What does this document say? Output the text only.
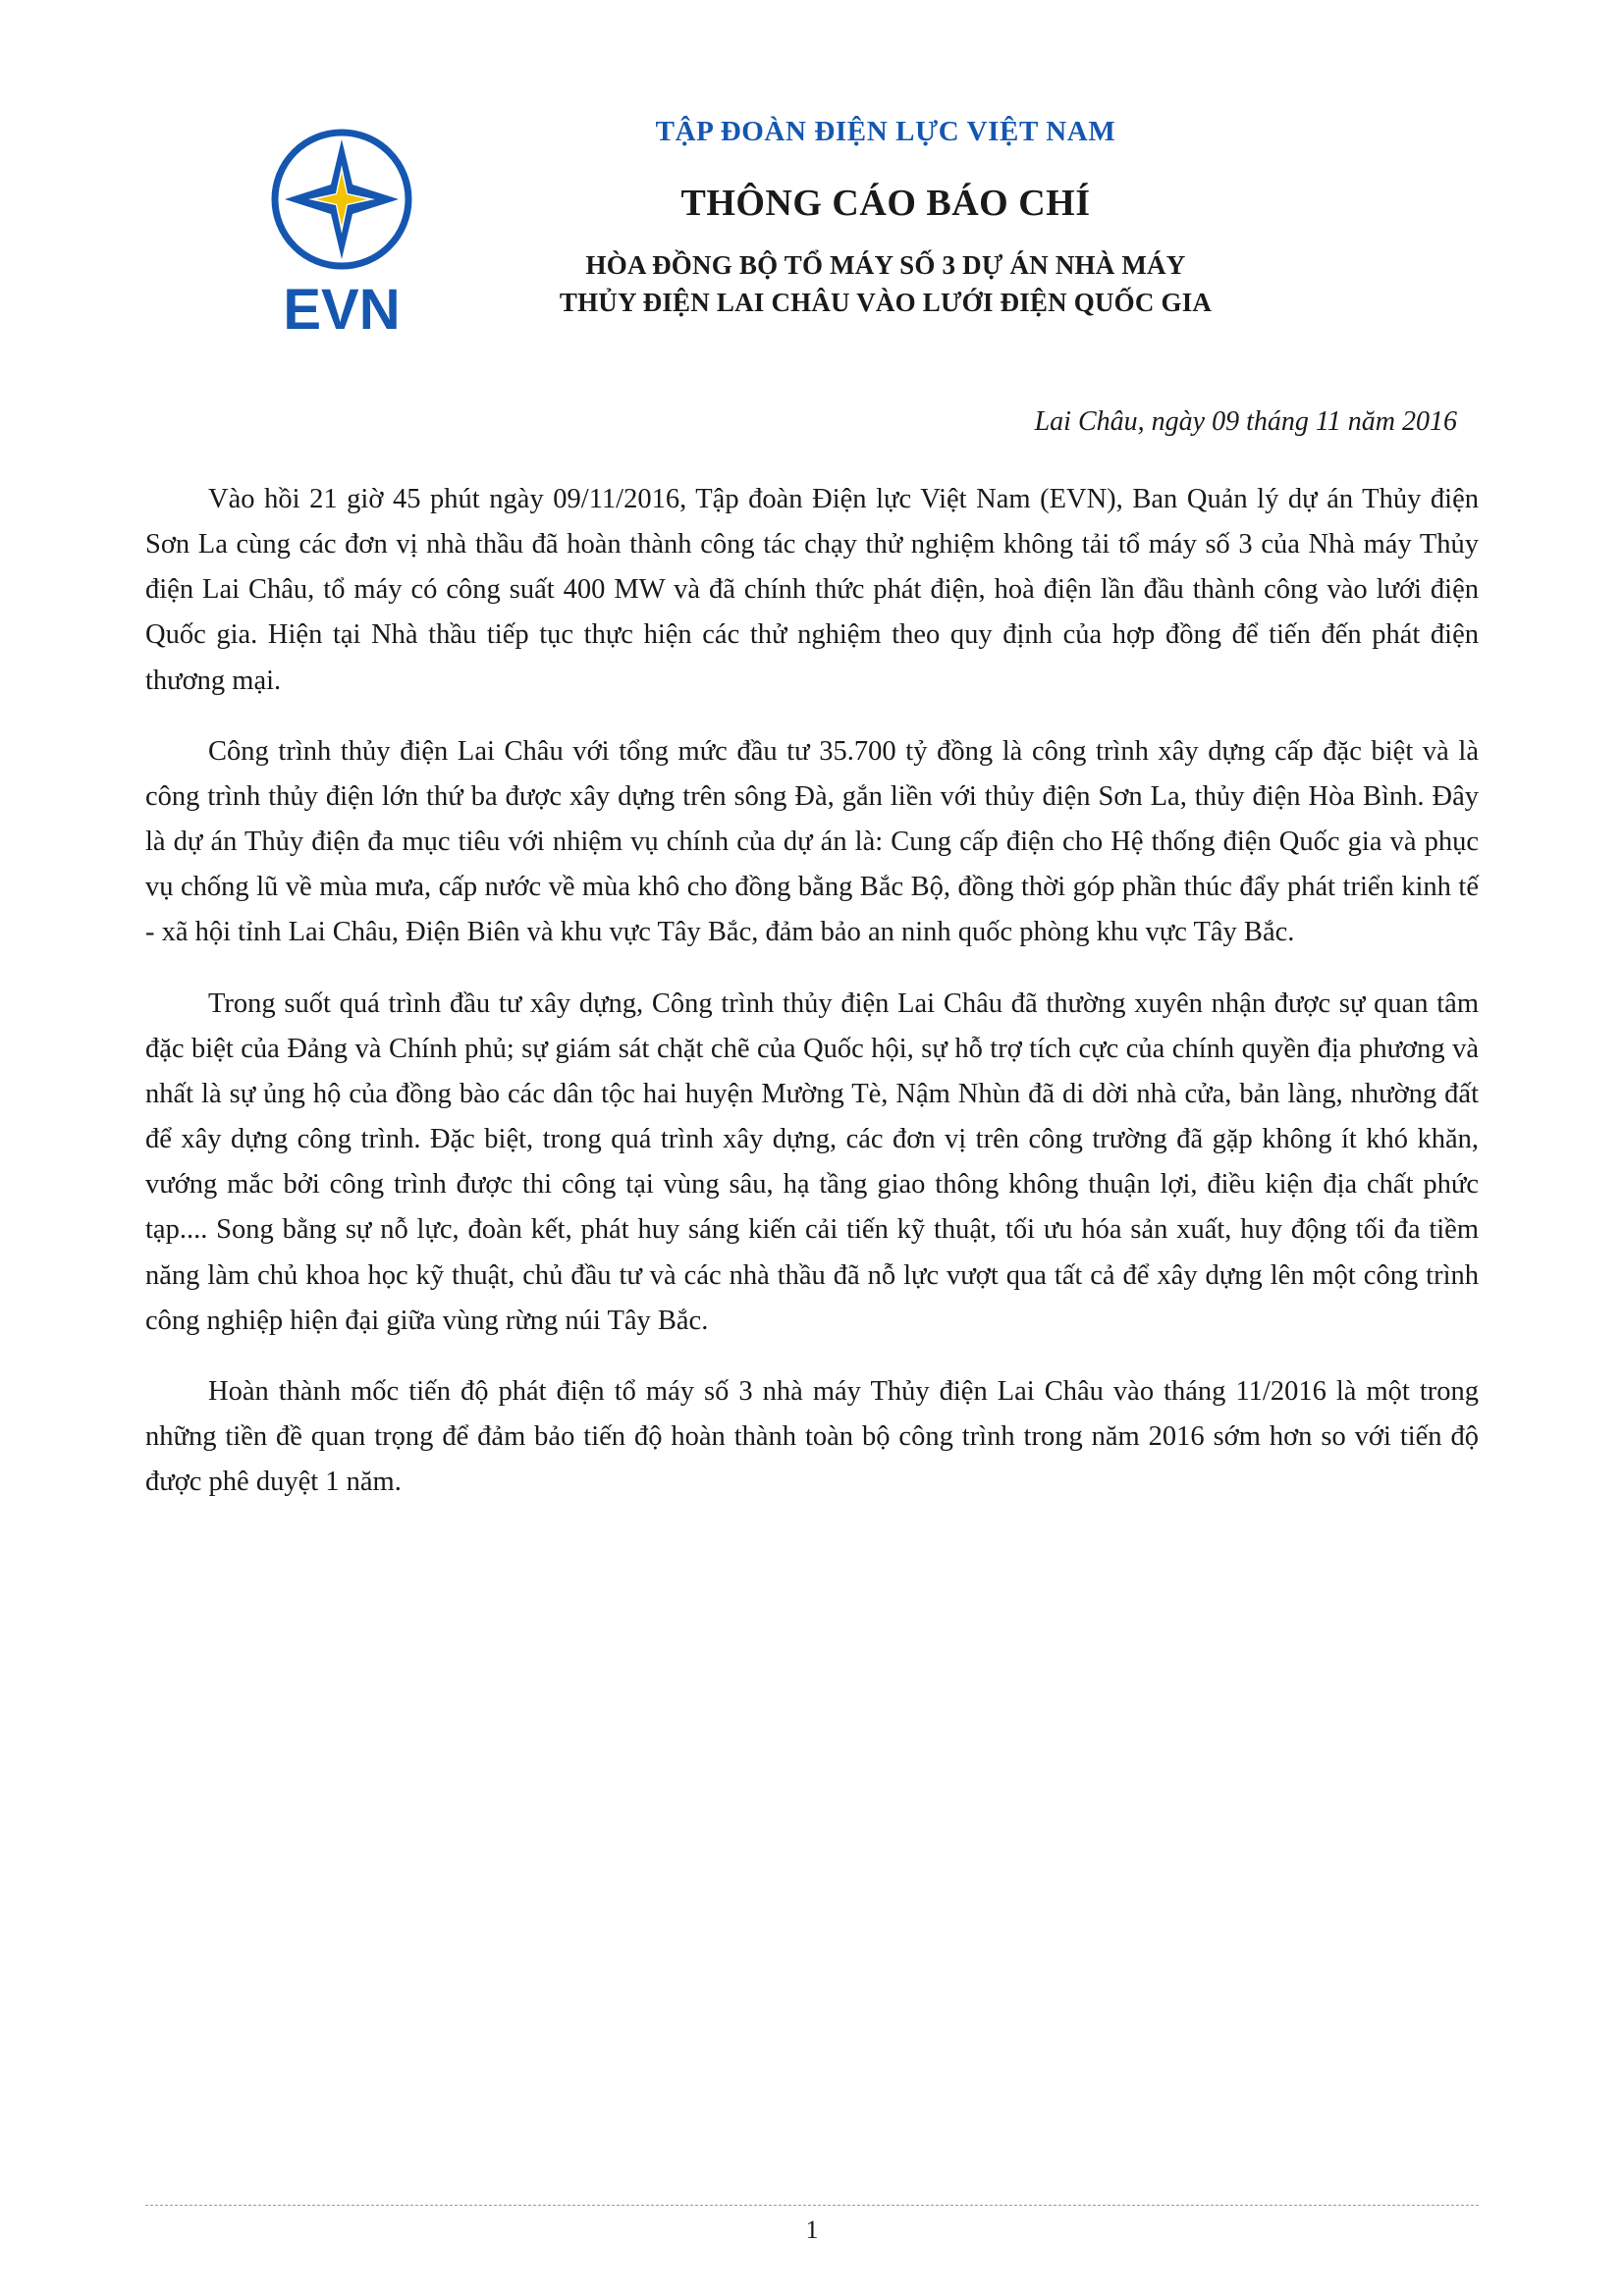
EVN
TẬP ĐOÀN ĐIỆN LỰC VIỆT NAM
THÔNG CÁO BÁO CHÍ
HÒA ĐỒNG BỘ TỔ MÁY SỐ 3 DỰ ÁN NHÀ MÁY
THỦY ĐIỆN LAI CHÂU VÀO LƯỚI ĐIỆN QUỐC GIA
Lai Châu, ngày 09 tháng 11 năm 2016

Vào hồi 21 giờ 45 phút ngày 09/11/2016, Tập đoàn Điện lực Việt Nam (EVN), Ban Quản lý dự án Thủy điện Sơn La cùng các đơn vị nhà thầu đã hoàn thành công tác chạy thử nghiệm không tải tổ máy số 3 của Nhà máy Thủy điện Lai Châu, tổ máy có công suất 400 MW và đã chính thức phát điện, hoà điện lần đầu thành công vào lưới điện Quốc gia. Hiện tại Nhà thầu tiếp tục thực hiện các thử nghiệm theo quy định của hợp đồng để tiến đến phát điện thương mại.

Công trình thủy điện Lai Châu với tổng mức đầu tư 35.700 tỷ đồng là công trình xây dựng cấp đặc biệt và là công trình thủy điện lớn thứ ba được xây dựng trên sông Đà, gắn liền với thủy điện Sơn La, thủy điện Hòa Bình. Đây là dự án Thủy điện đa mục tiêu với nhiệm vụ chính của dự án là: Cung cấp điện cho Hệ thống điện Quốc gia và phục vụ chống lũ về mùa mưa, cấp nước về mùa khô cho đồng bằng Bắc Bộ, đồng thời góp phần thúc đẩy phát triển kinh tế - xã hội tỉnh Lai Châu, Điện Biên và khu vực Tây Bắc, đảm bảo an ninh quốc phòng khu vực Tây Bắc.

Trong suốt quá trình đầu tư xây dựng, Công trình thủy điện Lai Châu đã thường xuyên nhận được sự quan tâm đặc biệt của Đảng và Chính phủ; sự giám sát chặt chẽ của Quốc hội, sự hỗ trợ tích cực của chính quyền địa phương và nhất là sự ủng hộ của đồng bào các dân tộc hai huyện Mường Tè, Nậm Nhùn đã di dời nhà cửa, bản làng, nhường đất để xây dựng công trình. Đặc biệt, trong quá trình xây dựng, các đơn vị trên công trường đã gặp không ít khó khăn, vướng mắc bởi công trình được thi công tại vùng sâu, hạ tầng giao thông không thuận lợi, điều kiện địa chất phức tạp.... Song bằng sự nỗ lực, đoàn kết, phát huy sáng kiến cải tiến kỹ thuật, tối ưu hóa sản xuất, huy động tối đa tiềm năng làm chủ khoa học kỹ thuật, chủ đầu tư và các nhà thầu đã nỗ lực vượt qua tất cả để xây dựng lên một công trình công nghiệp hiện đại giữa vùng rừng núi Tây Bắc.

Hoàn thành mốc tiến độ phát điện tổ máy số 3 nhà máy Thủy điện Lai Châu vào tháng 11/2016 là một trong những tiền đề quan trọng để đảm bảo tiến độ hoàn thành toàn bộ công trình trong năm 2016 sớm hơn so với tiến độ được phê duyệt 1 năm.

1
